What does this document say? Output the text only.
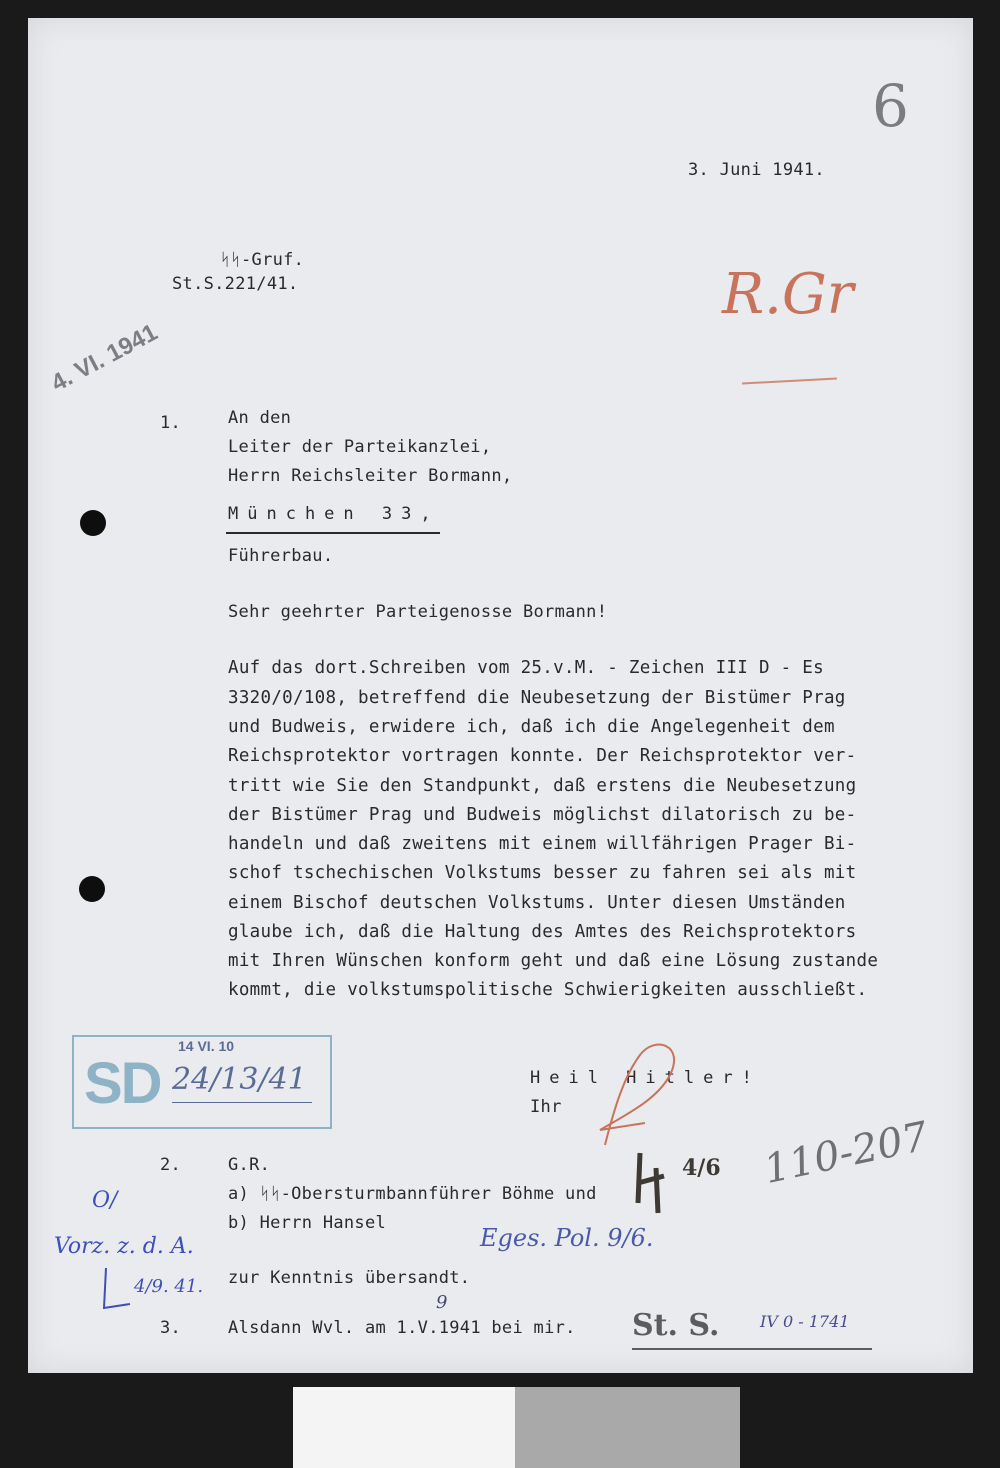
6
3. Juni 1941.
ᛋᛋ-Gruf.
St.S.221/41.	R.Gr
4. VI. 1941
1.	An den
Leiter der Parteikanzlei,
Herrn Reichsleiter Bormann,
München 33,
Führerbau.
Sehr geehrter Parteigenosse Bormann!
Auf das dort.Schreiben vom 25.v.M. - Zeichen III D - Es
3320/0/108, betreffend die Neubesetzung der Bistümer Prag
und Budweis, erwidere ich, daß ich die Angelegenheit dem
Reichsprotektor vortragen konnte. Der Reichsprotektor ver-
tritt wie Sie den Standpunkt, daß erstens die Neubesetzung
der Bistümer Prag und Budweis möglichst dilatorisch zu be-
handeln und daß zweitens mit einem willfährigen Prager Bi-
schof tschechischen Volkstums besser zu fahren sei als mit
einem Bischof deutschen Volkstums. Unter diesen Umständen
glaube ich, daß die Haltung des Amtes des Reichsprotektors
mit Ihren Wünschen konform geht und daß eine Lösung zustande
kommt, die volkstumspolitische Schwierigkeiten ausschließt.
SD
14 VI. 10
24/13/41	Heil Hitler!
Ihr
2.	G.R.
a) ᛋᛋ-Obersturmbannführer Böhme und
b) Herrn Hansel
zur Kenntnis übersandt.
4/6
O/
Vorz. z. d. A.
4/9. 41.
Eges. Pol. 9/6.
110-207
3.	Alsdann Wvl. am 1.V.1941 bei mir.
9
St. S.	IV 0 - 1741
